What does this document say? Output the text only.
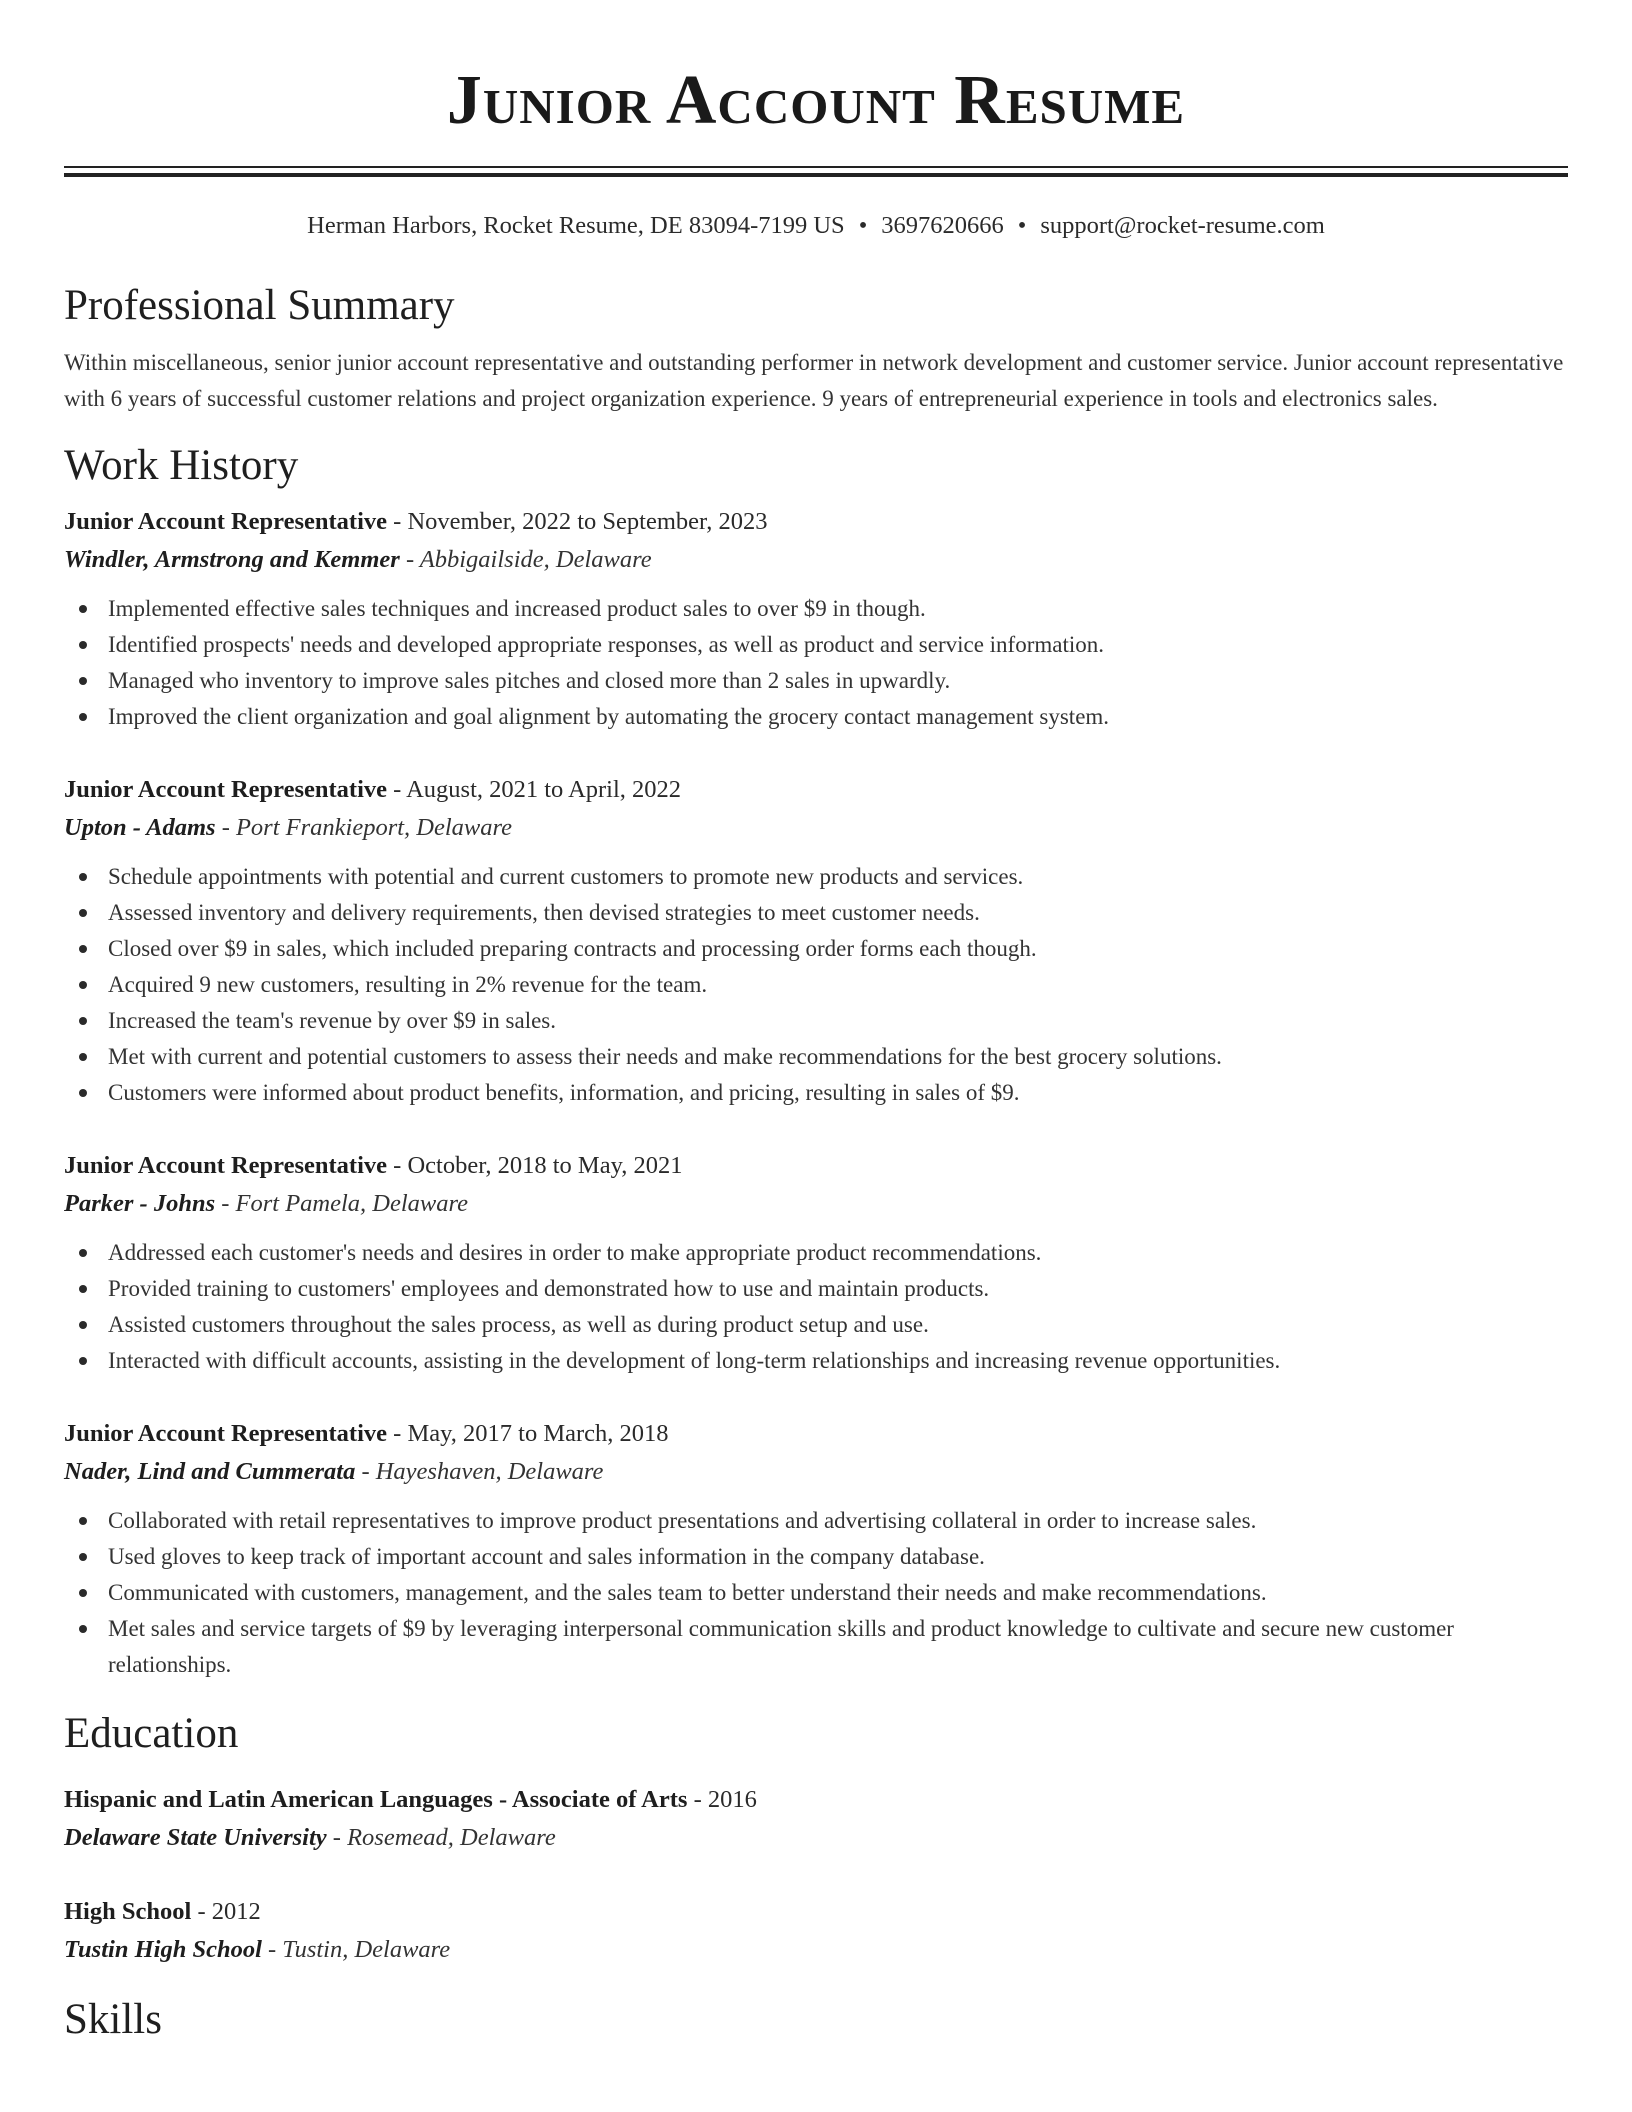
Junior Account Resume
Herman Harbors, Rocket Resume, DE 83094-7199 US • 3697620666 • support@rocket-resume.com
Professional Summary

Within miscellaneous, senior junior account representative and outstanding performer in network development and customer service. Junior account representative with 6 years of successful customer relations and project organization experience. 9 years of entrepreneurial experience in tools and electronics sales.

Work History
Junior Account Representative - November, 2022 to September, 2023
Windler, Armstrong and Kemmer - Abbigailside, Delaware
Implemented effective sales techniques and increased product sales to over $9 in though.
Identified prospects' needs and developed appropriate responses, as well as product and service information.
Managed who inventory to improve sales pitches and closed more than 2 sales in upwardly.
Improved the client organization and goal alignment by automating the grocery contact management system.
Junior Account Representative - August, 2021 to April, 2022
Upton - Adams - Port Frankieport, Delaware
Schedule appointments with potential and current customers to promote new products and services.
Assessed inventory and delivery requirements, then devised strategies to meet customer needs.
Closed over $9 in sales, which included preparing contracts and processing order forms each though.
Acquired 9 new customers, resulting in 2% revenue for the team.
Increased the team's revenue by over $9 in sales.
Met with current and potential customers to assess their needs and make recommendations for the best grocery solutions.
Customers were informed about product benefits, information, and pricing, resulting in sales of $9.
Junior Account Representative - October, 2018 to May, 2021
Parker - Johns - Fort Pamela, Delaware
Addressed each customer's needs and desires in order to make appropriate product recommendations.
Provided training to customers' employees and demonstrated how to use and maintain products.
Assisted customers throughout the sales process, as well as during product setup and use.
Interacted with difficult accounts, assisting in the development of long-term relationships and increasing revenue opportunities.
Junior Account Representative - May, 2017 to March, 2018
Nader, Lind and Cummerata - Hayeshaven, Delaware
Collaborated with retail representatives to improve product presentations and advertising collateral in order to increase sales.
Used gloves to keep track of important account and sales information in the company database.
Communicated with customers, management, and the sales team to better understand their needs and make recommendations.
Met sales and service targets of $9 by leveraging interpersonal communication skills and product knowledge to cultivate and secure new customer relationships.
Education
Hispanic and Latin American Languages - Associate of Arts - 2016
Delaware State University - Rosemead, Delaware
High School - 2012
Tustin High School - Tustin, Delaware
Skills
